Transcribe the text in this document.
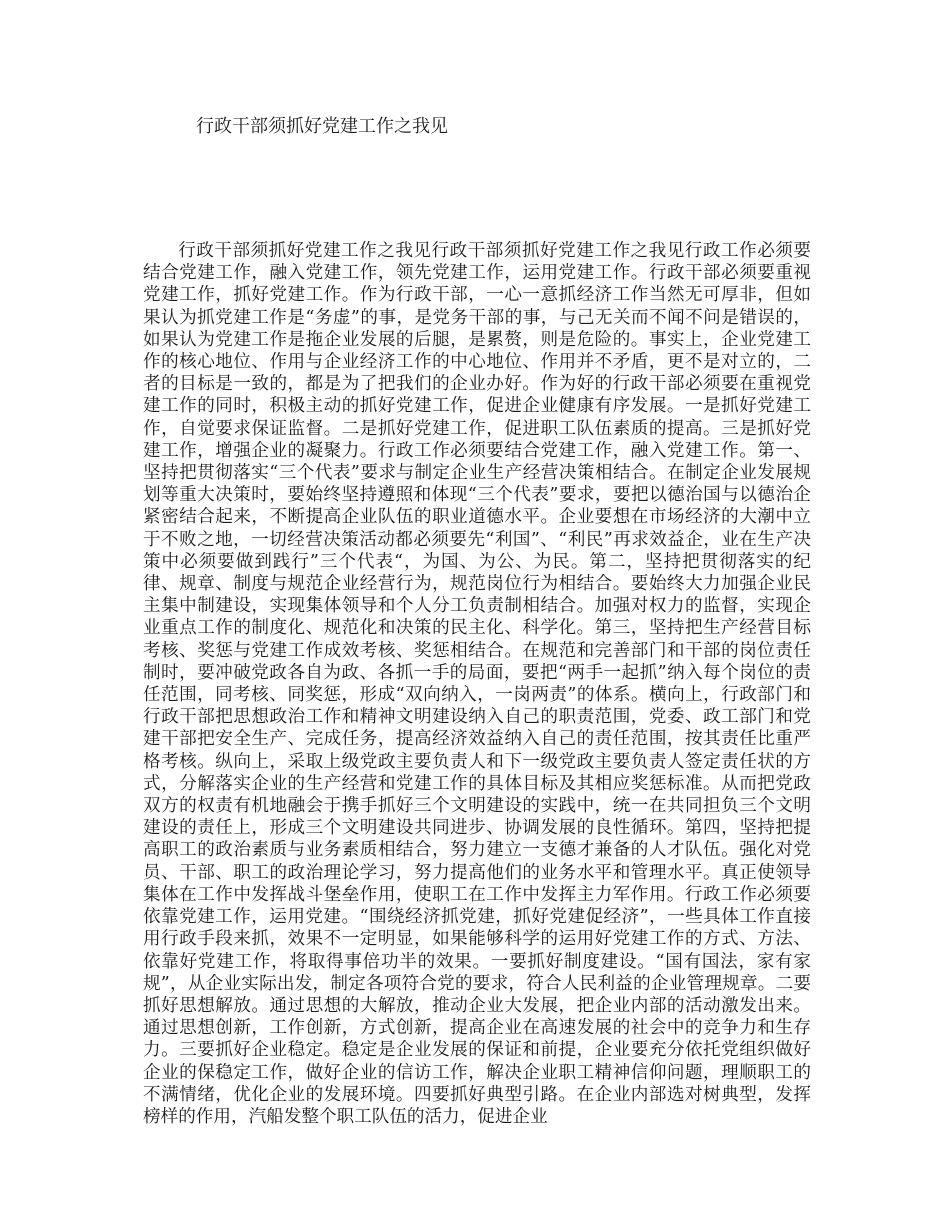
行政干部须抓好党建工作之我见

行政干部须抓好党建工作之我见行政干部须抓好党建工作之我见行政工作必须要结合党建工作，融入党建工作，领先党建工作，运用党建工作。行政干部必须要重视党建工作，抓好党建工作。作为行政干部，一心一意抓经济工作当然无可厚非，但如果认为抓党建工作是“务虚”的事，是党务干部的事，与己无关而不闻不问是错误的，如果认为党建工作是拖企业发展的后腿，是累赘，则是危险的。事实上，企业党建工作的核心地位、作用与企业经济工作的中心地位、作用并不矛盾，更不是对立的，二者的目标是一致的，都是为了把我们的企业办好。作为好的行政干部必须要在重视党建工作的同时，积极主动的抓好党建工作，促进企业健康有序发展。一是抓好党建工作，自觉要求保证监督。二是抓好党建工作，促进职工队伍素质的提高。三是抓好党建工作，增强企业的凝聚力。行政工作必须要结合党建工作，融入党建工作。第一、坚持把贯彻落实“三个代表”要求与制定企业生产经营决策相结合。在制定企业发展规划等重大决策时，要始终坚持遵照和体现“三个代表”要求，要把以德治国与以德治企紧密结合起来，不断提高企业队伍的职业道德水平。企业要想在市场经济的大潮中立于不败之地，一切经营决策活动都必须要先“利国”、“利民”再求效益企，业在生产决策中必须要做到践行”三个代表“，为国、为公、为民。第二，坚持把贯彻落实的纪律、规章、制度与规范企业经营行为，规范岗位行为相结合。要始终大力加强企业民主集中制建设，实现集体领导和个人分工负责制相结合。加强对权力的监督，实现企业重点工作的制度化、规范化和决策的民主化、科学化。第三，坚持把生产经营目标考核、奖惩与党建工作成效考核、奖惩相结合。在规范和完善部门和干部的岗位责任制时，要冲破党政各自为政、各抓一手的局面，要把“两手一起抓”纳入每个岗位的责任范围，同考核、同奖惩，形成“双向纳入，一岗两责”的体系。横向上，行政部门和行政干部把思想政治工作和精神文明建设纳入自己的职责范围，党委、政工部门和党建干部把安全生产、完成任务，提高经济效益纳入自己的责任范围，按其责任比重严格考核。纵向上，采取上级党政主要负责人和下一级党政主要负责人签定责任状的方式，分解落实企业的生产经营和党建工作的具体目标及其相应奖惩标准。从而把党政双方的权责有机地融会于携手抓好三个文明建设的实践中，统一在共同担负三个文明建设的责任上，形成三个文明建设共同进步、协调发展的良性循环。第四，坚持把提高职工的政治素质与业务素质相结合，努力建立一支德才兼备的人才队伍。强化对党员、干部、职工的政治理论学习，努力提高他们的业务水平和管理水平。真正使领导集体在工作中发挥战斗堡垒作用，使职工在工作中发挥主力军作用。行政工作必须要依靠党建工作，运用党建。“围绕经济抓党建，抓好党建促经济”，一些具体工作直接用行政手段来抓，效果不一定明显，如果能够科学的运用好党建工作的方式、方法、依靠好党建工作，将取得事倍功半的效果。一要抓好制度建设。“国有国法，家有家规”，从企业实际出发，制定各项符合党的要求，符合人民利益的企业管理规章。二要抓好思想解放。通过思想的大解放，推动企业大发展，把企业内部的活动激发出来。通过思想创新，工作创新，方式创新，提高企业在高速发展的社会中的竞争力和生存力。三要抓好企业稳定。稳定是企业发展的保证和前提，企业要充分依托党组织做好企业的保稳定工作，做好企业的信访工作，解决企业职工精神信仰问题，理顺职工的不满情绪，优化企业的发展环境。四要抓好典型引路。在企业内部选对树典型，发挥榜样的作用，汽船发整个职工队伍的活力，促进企业
